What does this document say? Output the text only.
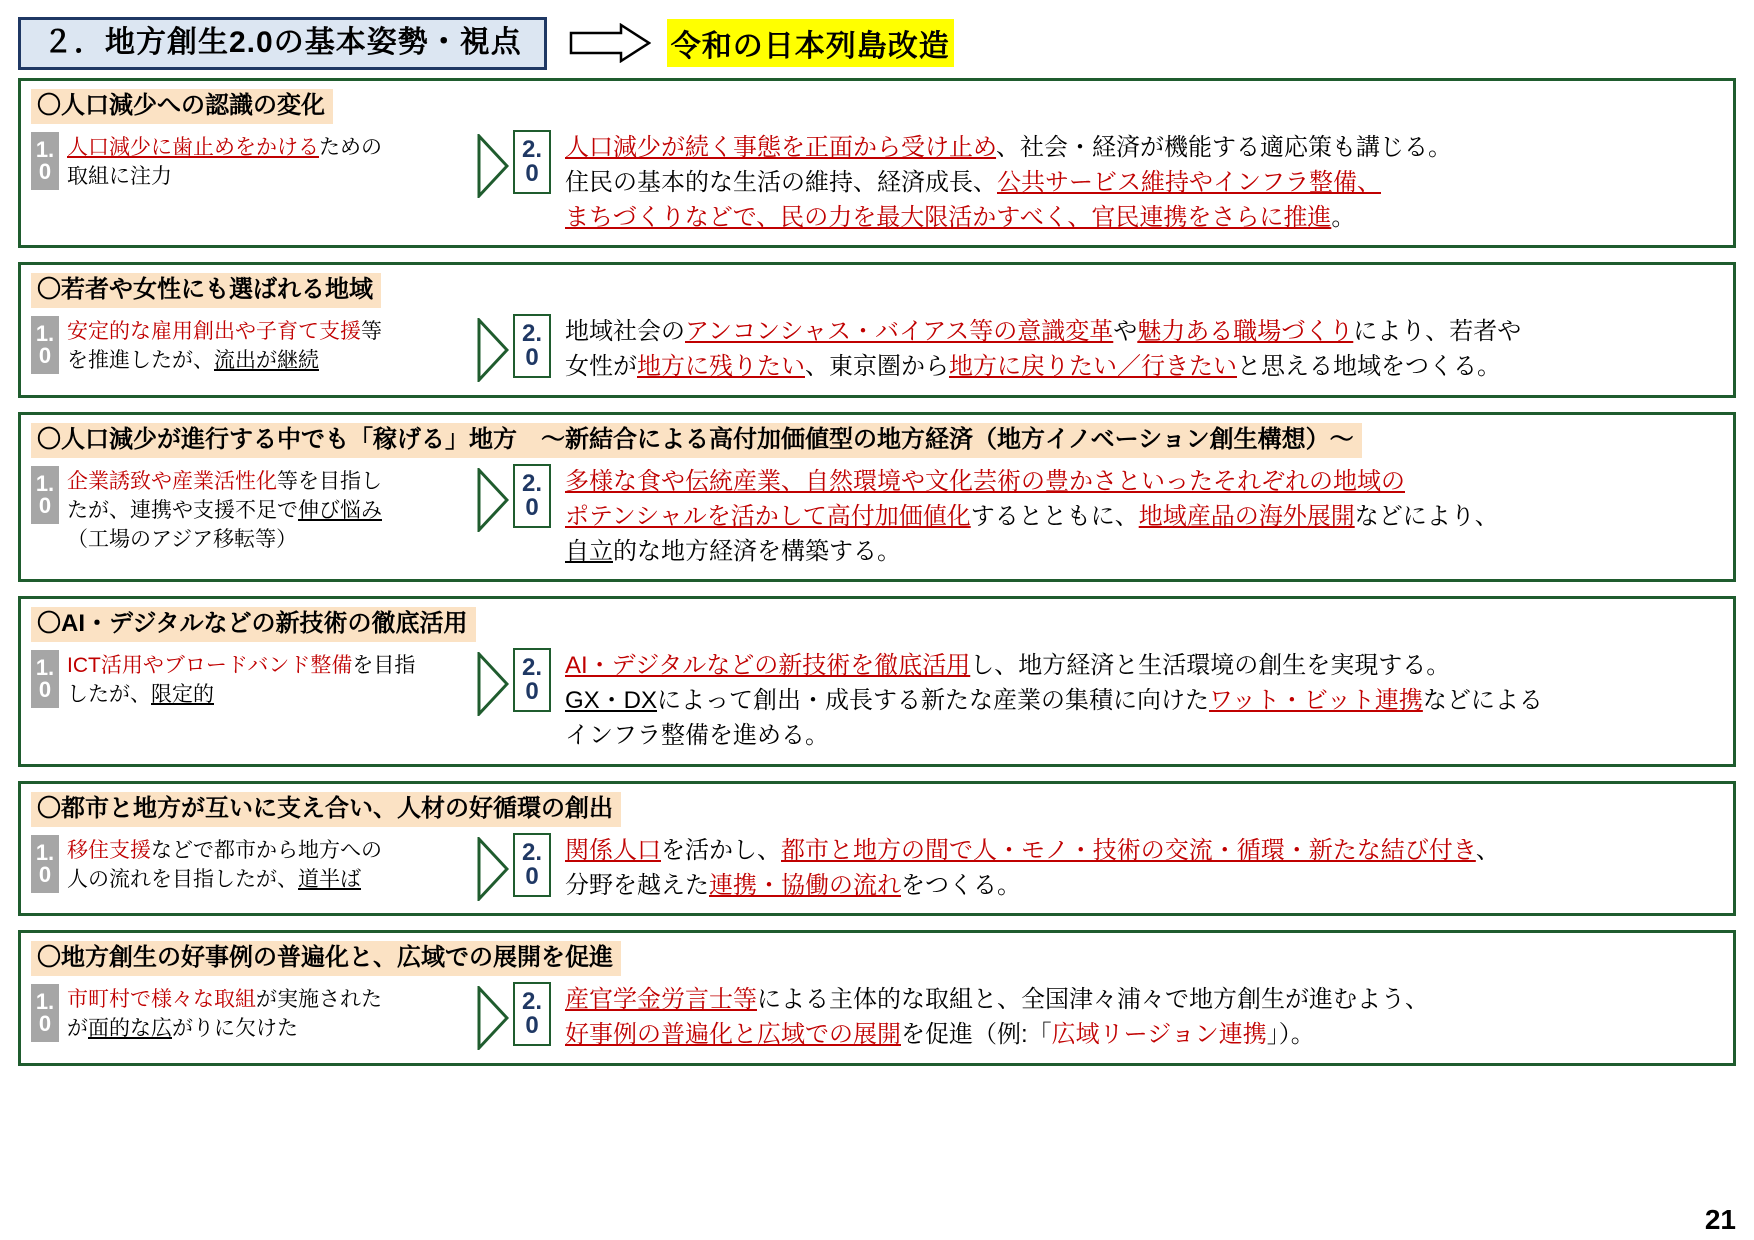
２．地方創生2.0の基本姿勢・視点	令和の日本列島改造
〇人口減少への認識の変化
1.
0
人口減少に歯止めをかけるための
取組に注力
2.
0
人口減少が続く事態を正面から受け止め、社会・経済が機能する適応策も講じる。
住民の基本的な生活の維持、経済成長、公共サービス維持やインフラ整備、
まちづくりなどで、民の力を最大限活かすべく、官民連携をさらに推進。
〇若者や女性にも選ばれる地域
1.
0
安定的な雇用創出や子育て支援等
を推進したが、流出が継続
2.
0
地域社会のアンコンシャス・バイアス等の意識変革や魅力ある職場づくりにより、若者や
女性が地方に残りたい、東京圏から地方に戻りたい／行きたいと思える地域をつくる。
〇人口減少が進行する中でも「稼げる」地方　～新結合による高付加価値型の地方経済（地方イノベーション創生構想）～
1.
0
企業誘致や産業活性化等を目指し
たが、連携や支援不足で伸び悩み
（工場のアジア移転等）
2.
0
多様な食や伝統産業、自然環境や文化芸術の豊かさといったそれぞれの地域の
ポテンシャルを活かして高付加価値化するとともに、地域産品の海外展開などにより、
自立的な地方経済を構築する。
〇AI・デジタルなどの新技術の徹底活用
1.
0
ICT活用やブロードバンド整備を目指
したが、限定的
2.
0
AI・デジタルなどの新技術を徹底活用し、地方経済と生活環境の創生を実現する。
GX・DXによって創出・成長する新たな産業の集積に向けたワット・ビット連携などによる
インフラ整備を進める。
〇都市と地方が互いに支え合い、人材の好循環の創出
1.
0
移住支援などで都市から地方への
人の流れを目指したが、道半ば
2.
0
関係人口を活かし、都市と地方の間で人・モノ・技術の交流・循環・新たな結び付き、
分野を越えた連携・協働の流れをつくる。
〇地方創生の好事例の普遍化と、広域での展開を促進
1.
0
市町村で様々な取組が実施された
が面的な広がりに欠けた
2.
0
産官学金労言士等による主体的な取組と、全国津々浦々で地方創生が進むよう、
好事例の普遍化と広域での展開を促進（例:「広域リージョン連携」）。
21
